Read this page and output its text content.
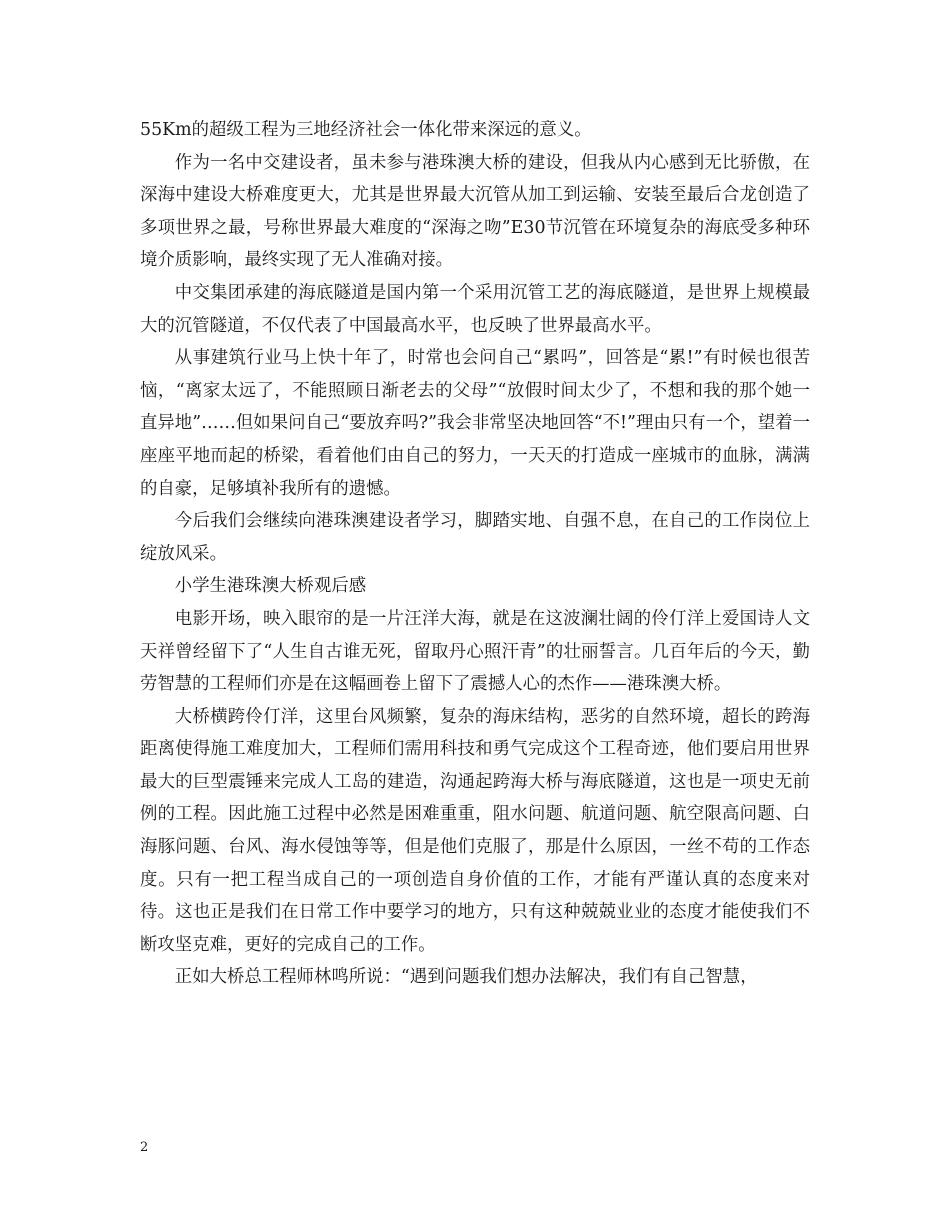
55Km的超级工程为三地经济社会一体化带来深远的意义。

作为一名中交建设者，虽未参与港珠澳大桥的建设，但我从内心感到无比骄傲，在深海中建设大桥难度更大，尤其是世界最大沉管从加工到运输、安装至最后合龙创造了多项世界之最，号称世界最大难度的“深海之吻”E30节沉管在环境复杂的海底受多种环境介质影响，最终实现了无人准确对接。

中交集团承建的海底隧道是国内第一个采用沉管工艺的海底隧道，是世界上规模最大的沉管隧道，不仅代表了中国最高水平，也反映了世界最高水平。

从事建筑行业马上快十年了，时常也会问自己“累吗”，回答是“累!”有时候也很苦恼，“离家太远了，不能照顾日渐老去的父母”“放假时间太少了，不想和我的那个她一直异地”……但如果问自己“要放弃吗?”我会非常坚决地回答“不!”理由只有一个，望着一座座平地而起的桥梁，看着他们由自己的努力，一天天的打造成一座城市的血脉，满满的自豪，足够填补我所有的遗憾。

今后我们会继续向港珠澳建设者学习，脚踏实地、自强不息，在自己的工作岗位上绽放风采。

小学生港珠澳大桥观后感

电影开场，映入眼帘的是一片汪洋大海，就是在这波澜壮阔的伶仃洋上爱国诗人文天祥曾经留下了“人生自古谁无死，留取丹心照汗青”的壮丽誓言。几百年后的今天，勤劳智慧的工程师们亦是在这幅画卷上留下了震撼人心的杰作——港珠澳大桥。

大桥横跨伶仃洋，这里台风频繁，复杂的海床结构，恶劣的自然环境，超长的跨海距离使得施工难度加大，工程师们需用科技和勇气完成这个工程奇迹，他们要启用世界最大的巨型震锤来完成人工岛的建造，沟通起跨海大桥与海底隧道，这也是一项史无前例的工程。因此施工过程中必然是困难重重，阻水问题、航道问题、航空限高问题、白海豚问题、台风、海水侵蚀等等，但是他们克服了，那是什么原因，一丝不苟的工作态度。只有一把工程当成自己的一项创造自身价值的工作，才能有严谨认真的态度来对待。这也正是我们在日常工作中要学习的地方，只有这种兢兢业业的态度才能使我们不断攻坚克难，更好的完成自己的工作。

正如大桥总工程师林鸣所说：“遇到问题我们想办法解决，我们有自己智慧，

2
